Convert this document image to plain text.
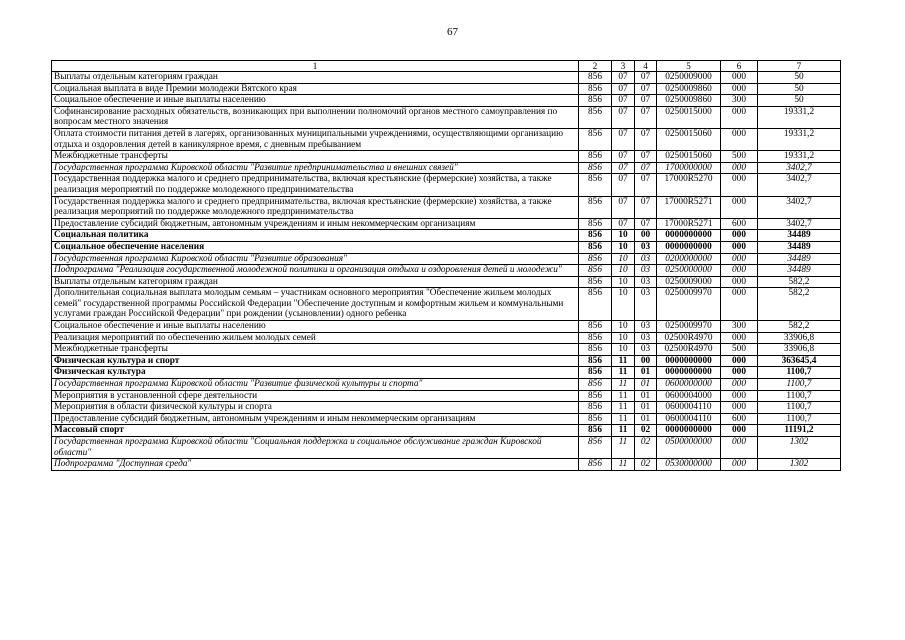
67
1	2	3	4	5	6	7
Выплаты отдельным категориям граждан	856	07	07	0250009000	000	50
Социальная выплата в виде Премии молодежи Вятского края	856	07	07	0250009860	000	50
Социальное обеспечение и иные выплаты населению	856	07	07	0250009860	300	50
Софинансирование расходных обязательств, возникающих при выполнении полномочий органов местного самоуправления по вопросам местного значения	856	07	07	0250015000	000	19331,2
Оплата стоимости питания детей в лагерях, организованных муниципальными учреждениями, осуществляющими организацию отдыха и оздоровления детей в каникулярное время, с дневным пребыванием	856	07	07	0250015060	000	19331,2
Межбюджетные трансферты	856	07	07	0250015060	500	19331,2
Государственная программа Кировской области "Развитие предпринимательства и внешних связей"	856	07	07	1700000000	000	3402,7
Государственная поддержка малого и среднего предпринимательства, включая крестьянские (фермерские) хозяйства, а также реализация мероприятий по поддержке молодежного предпринимательства	856	07	07	17000R5270	000	3402,7
Государственная поддержка малого и среднего предпринимательства, включая крестьянские (фермерские) хозяйства, а также реализация мероприятий по поддержке молодежного предпринимательства	856	07	07	17000R5271	000	3402,7
Предоставление субсидий бюджетным, автономным учреждениям и иным некоммерческим организациям	856	07	07	17000R5271	600	3402,7
Социальная политика	856	10	00	0000000000	000	34489
Социальное обеспечение населения	856	10	03	0000000000	000	34489
Государственная программа Кировской области "Развитие образования"	856	10	03	0200000000	000	34489
Подпрограмма "Реализация государственной молодежной политики и организация отдыха и оздоровления детей и молодежи"	856	10	03	0250000000	000	34489
Выплаты отдельным категориям граждан	856	10	03	0250009000	000	582,2
Дополнительная социальная выплата молодым семьям – участникам основного мероприятия "Обеспечение жильем молодых семей" государственной программы Российской Федерации "Обеспечение доступным и комфортным жильем и коммунальными услугами граждан Российской Федерации" при рождении (усыновлении) одного ребенка	856	10	03	0250009970	000	582,2
Социальное обеспечение и иные выплаты населению	856	10	03	0250009970	300	582,2
Реализация мероприятий по обеспечению жильем молодых семей	856	10	03	02500R4970	000	33906,8
Межбюджетные трансферты	856	10	03	02500R4970	500	33906,8
Физическая культура и спорт	856	11	00	0000000000	000	363645,4
Физическая культура	856	11	01	0000000000	000	1100,7
Государственная программа Кировской области "Развитие физической культуры и спорта"	856	11	01	0600000000	000	1100,7
Мероприятия в установленной сфере деятельности	856	11	01	0600004000	000	1100,7
Мероприятия в области физической культуры и спорта	856	11	01	0600004110	000	1100,7
Предоставление субсидий бюджетным, автономным учреждениям и иным некоммерческим организациям	856	11	01	0600004110	600	1100,7
Массовый спорт	856	11	02	0000000000	000	11191,2
Государственная программа Кировской области "Социальная поддержка и социальное обслуживание граждан Кировской области"	856	11	02	0500000000	000	1302
Подпрограмма "Доступная среда"	856	11	02	0530000000	000	1302
